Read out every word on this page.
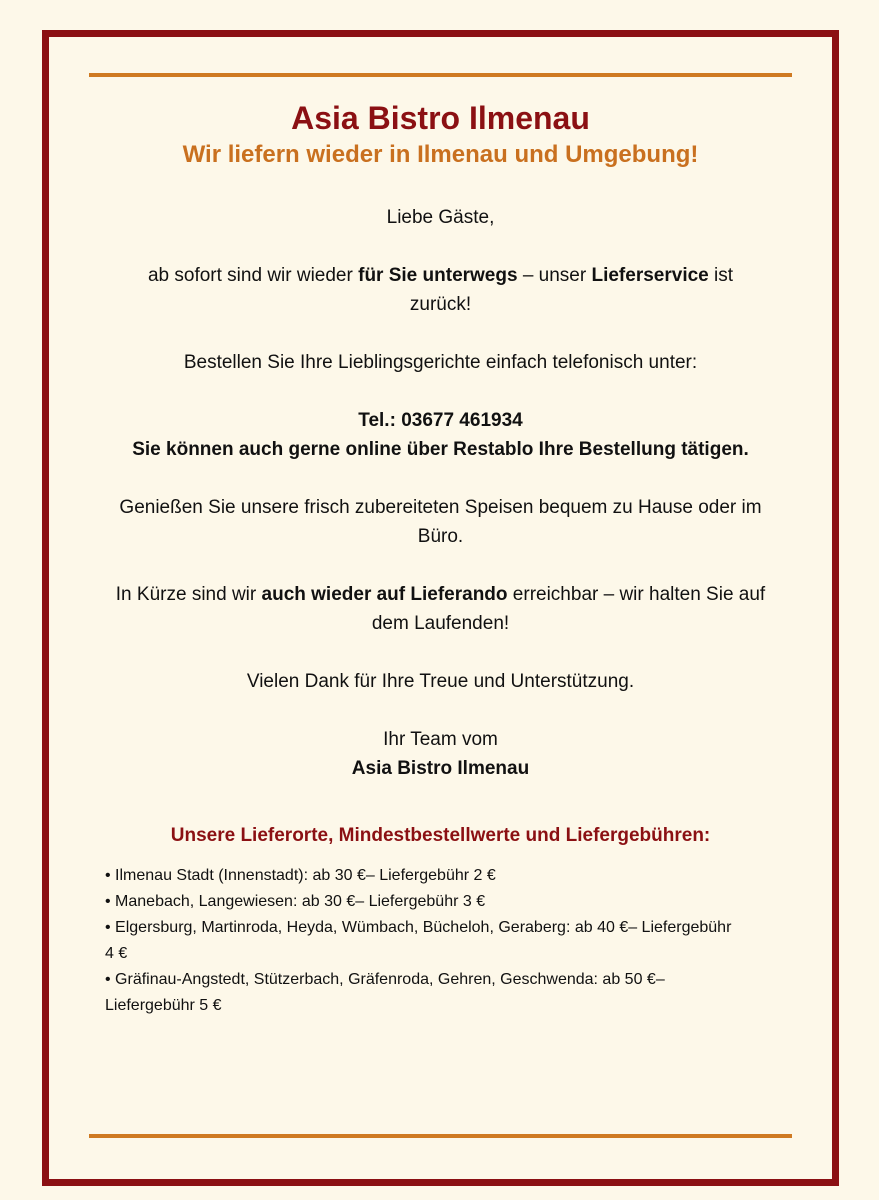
Asia Bistro Ilmenau
Wir liefern wieder in Ilmenau und Umgebung!
Liebe Gäste,
ab sofort sind wir wieder für Sie unterwegs – unser Lieferservice ist zurück!
Bestellen Sie Ihre Lieblingsgerichte einfach telefonisch unter:
Tel.: 03677 461934
Sie können auch gerne online über Restablo Ihre Bestellung tätigen.
Genießen Sie unsere frisch zubereiteten Speisen bequem zu Hause oder im Büro.
In Kürze sind wir auch wieder auf Lieferando erreichbar – wir halten Sie auf dem Laufenden!
Vielen Dank für Ihre Treue und Unterstützung.
Ihr Team vom
Asia Bistro Ilmenau
Unsere Lieferorte, Mindestbestellwerte und Liefergebühren:
• Ilmenau Stadt (Innenstadt): ab 30 €– Liefergebühr 2 €
• Manebach, Langewiesen: ab 30 €– Liefergebühr 3 €
• Elgersburg, Martinroda, Heyda, Wümbach, Bücheloh, Geraberg: ab 40 €– Liefergebühr 4 €
• Gräfinau-Angstedt, Stützerbach, Gräfenroda, Gehren, Geschwenda: ab 50 €– Liefergebühr 5 €
